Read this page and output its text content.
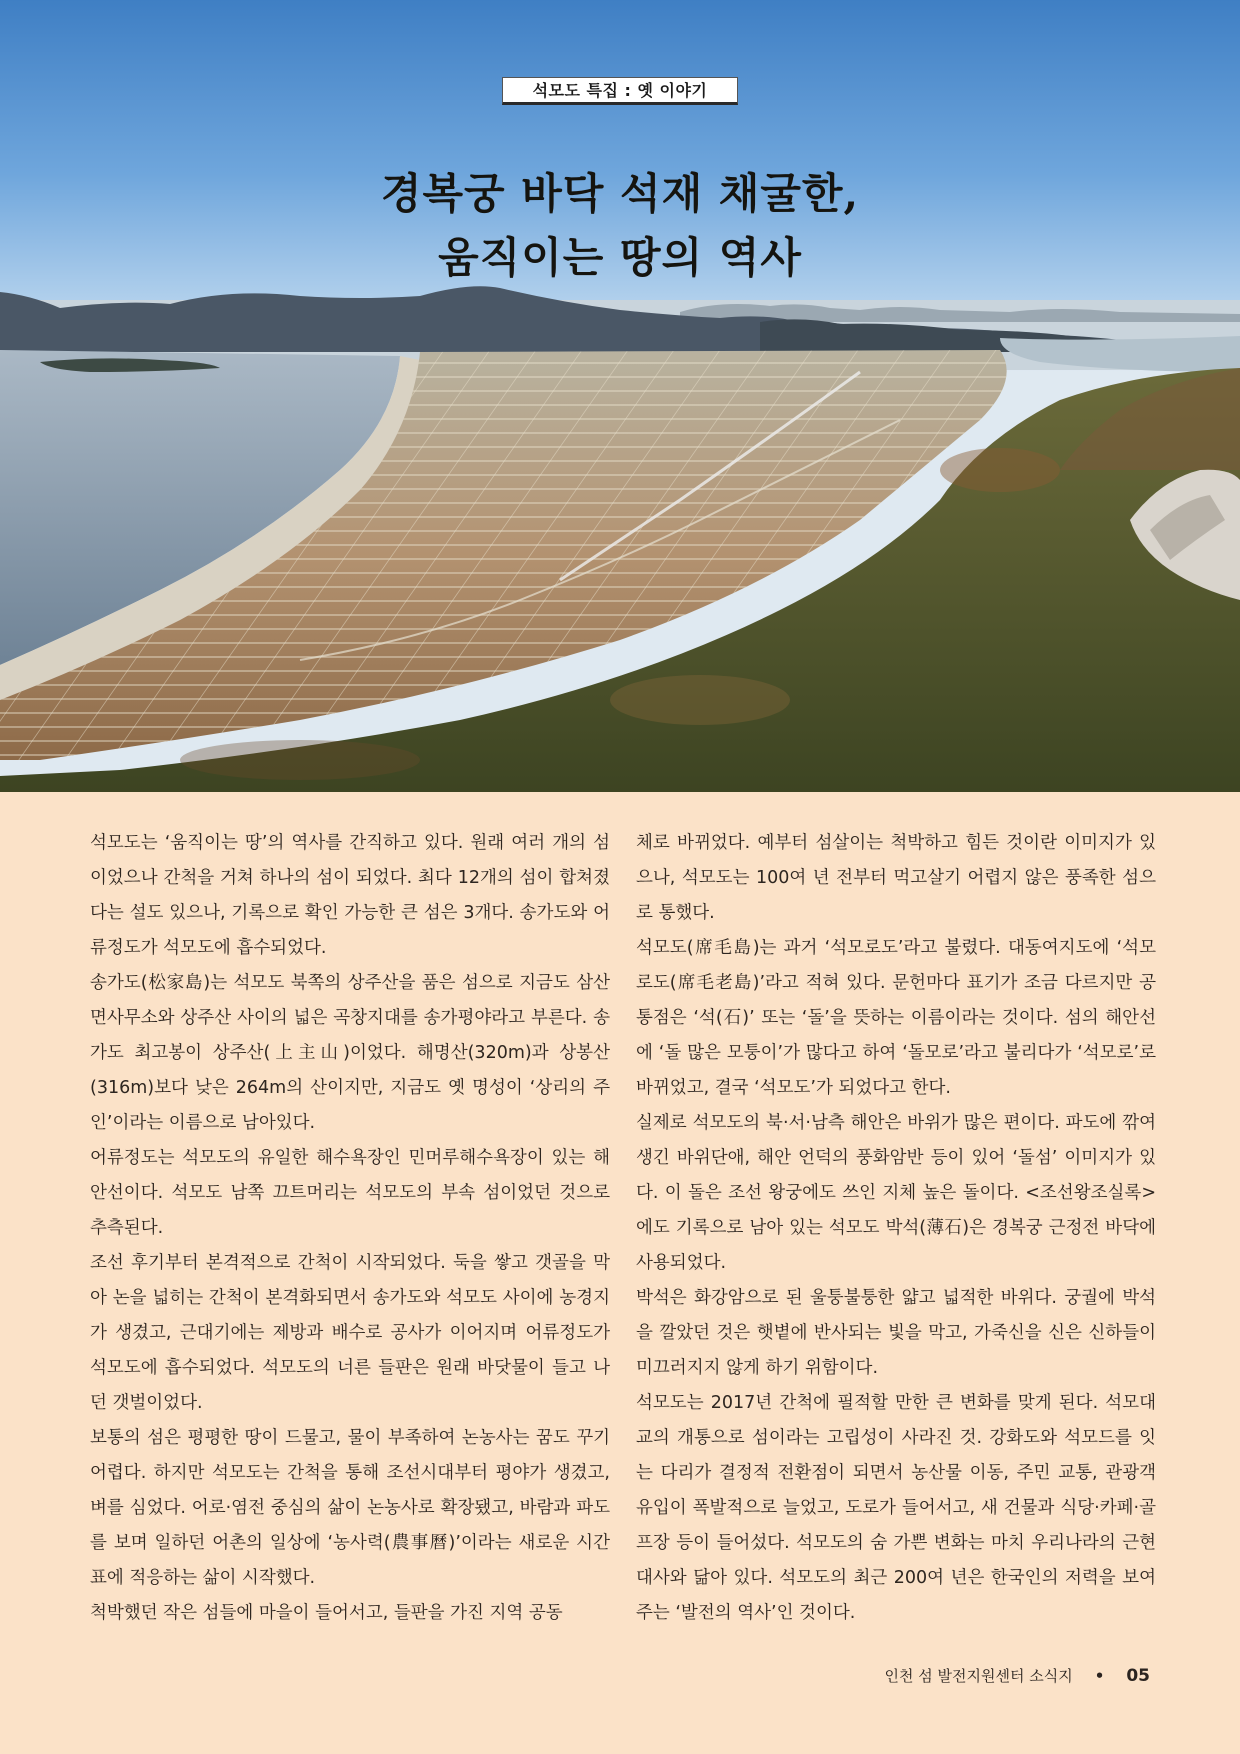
석모도 특집 : 옛 이야기
경복궁 바닥 석재 채굴한,
움직이는 땅의 역사

석모도는 ‘움직이는 땅’의 역사를 간직하고 있다. 원래 여러 개의 섬이었으나 간척을 거쳐 하나의 섬이 되었다. 최다 12개의 섬이 합쳐졌다는 설도 있으나, 기록으로 확인 가능한 큰 섬은 3개다. 송가도와 어류정도가 석모도에 흡수되었다.

송가도(松家島)는 석모도 북쪽의 상주산을 품은 섬으로 지금도 삼산면사무소와 상주산 사이의 넓은 곡창지대를 송가평야라고 부른다. 송가도 최고봉이 상주산(上主山)이었다. 해명산(320m)과 상봉산(316m)보다 낮은 264m의 산이지만, 지금도 옛 명성이 ‘상리의 주인’이라는 이름으로 남아있다.

어류정도는 석모도의 유일한 해수욕장인 민머루해수욕장이 있는 해안선이다. 석모도 남쪽 끄트머리는 석모도의 부속 섬이었던 것으로 추측된다.

조선 후기부터 본격적으로 간척이 시작되었다. 둑을 쌓고 갯골을 막아 논을 넓히는 간척이 본격화되면서 송가도와 석모도 사이에 농경지가 생겼고, 근대기에는 제방과 배수로 공사가 이어지며 어류정도가 석모도에 흡수되었다. 석모도의 너른 들판은 원래 바닷물이 들고 나던 갯벌이었다.

보통의 섬은 평평한 땅이 드물고, 물이 부족하여 논농사는 꿈도 꾸기 어렵다. 하지만 석모도는 간척을 통해 조선시대부터 평야가 생겼고, 벼를 심었다. 어로·염전 중심의 삶이 논농사로 확장됐고, 바람과 파도를 보며 일하던 어촌의 일상에 ‘농사력(農事曆)’이라는 새로운 시간표에 적응하는 삶이 시작했다.

척박했던 작은 섬들에 마을이 들어서고, 들판을 가진 지역 공동

체로 바뀌었다. 예부터 섬살이는 척박하고 힘든 것이란 이미지가 있으나, 석모도는 100여 년 전부터 먹고살기 어렵지 않은 풍족한 섬으로 통했다.

석모도(席毛島)는 과거 ‘석모로도’라고 불렸다. 대동여지도에 ‘석모로도(席毛老島)’라고 적혀 있다. 문헌마다 표기가 조금 다르지만 공통점은 ‘석(石)’ 또는 ‘돌’을 뜻하는 이름이라는 것이다. 섬의 해안선에 ‘돌 많은 모퉁이’가 많다고 하여 ‘돌모로’라고 불리다가 ‘석모로’로 바뀌었고, 결국 ‘석모도’가 되었다고 한다.

실제로 석모도의 북·서·남측 해안은 바위가 많은 편이다. 파도에 깎여 생긴 바위단애, 해안 언덕의 풍화암반 등이 있어 ‘돌섬’ 이미지가 있다. 이 돌은 조선 왕궁에도 쓰인 지체 높은 돌이다. <조선왕조실록>에도 기록으로 남아 있는 석모도 박석(薄石)은 경복궁 근정전 바닥에 사용되었다.

박석은 화강암으로 된 울퉁불퉁한 얇고 넓적한 바위다. 궁궐에 박석을 깔았던 것은 햇볕에 반사되는 빛을 막고, 가죽신을 신은 신하들이 미끄러지지 않게 하기 위함이다.

석모도는 2017년 간척에 필적할 만한 큰 변화를 맞게 된다. 석모대교의 개통으로 섬이라는 고립성이 사라진 것. 강화도와 석모드를 잇는 다리가 결정적 전환점이 되면서 농산물 이동, 주민 교통, 관광객 유입이 폭발적으로 늘었고, 도로가 들어서고, 새 건물과 식당·카페·골프장 등이 들어섰다. 석모도의 숨 가쁜 변화는 마치 우리나라의 근현대사와 닮아 있다. 석모도의 최근 200여 년은 한국인의 저력을 보여 주는 ‘발전의 역사’인 것이다.

인천 섬 발전지원센터 소식지 • 05
